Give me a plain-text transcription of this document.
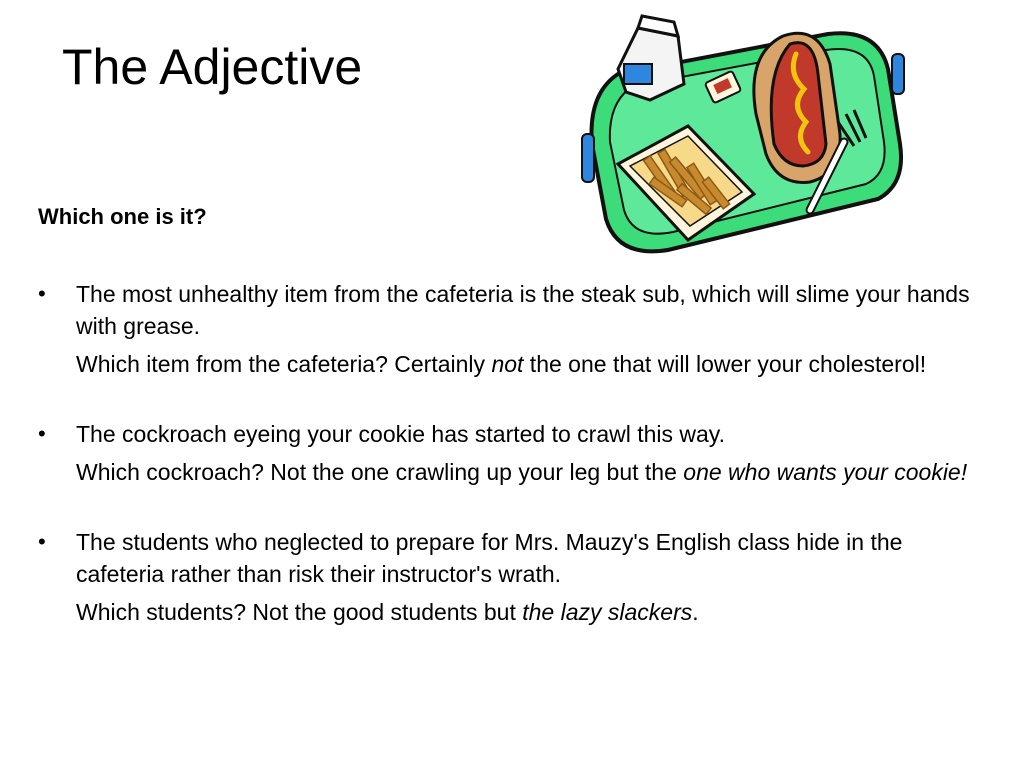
The Adjective

Which one is it?

• The most unhealthy item from the cafeteria is the steak sub, which will slime your hands with grease.
Which item from the cafeteria? Certainly not the one that will lower your cholesterol!
• The cockroach eyeing your cookie has started to crawl this way.
Which cockroach? Not the one crawling up your leg but the one who wants your cookie!
• The students who neglected to prepare for Mrs. Mauzy's English class hide in the cafeteria rather than risk their instructor's wrath.
Which students? Not the good students but the lazy slackers.
